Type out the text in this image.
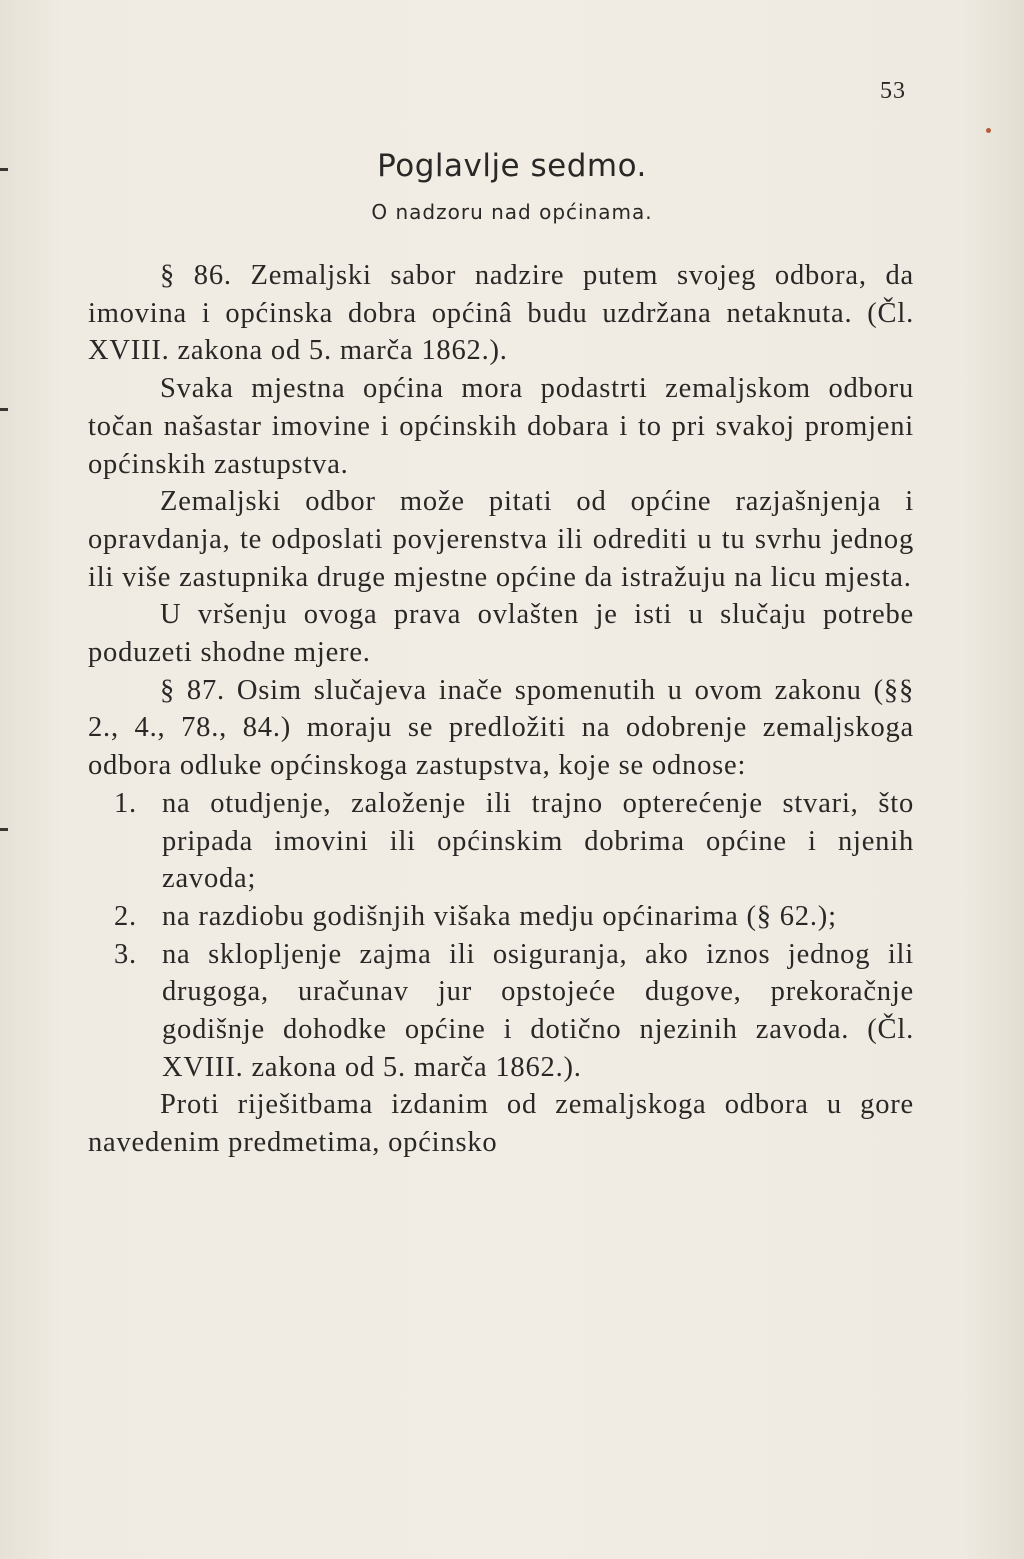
53
Poglavlje sedmo.
O nadzoru nad općinama.

§ 86. Zemaljski sabor nadzire putem svojeg odbora, da imovina i općinska dobra općinâ budu uzdržana netaknuta. (Čl. XVIII. zakona od 5. marča 1862.).

Svaka mjestna općina mora podastrti zemaljskom odboru točan našastar imovine i općinskih dobara i to pri svakoj promjeni općinskih zastupstva.

Zemaljski odbor može pitati od općine razjašnjenja i opravdanja, te odposlati povjerenstva ili odrediti u tu svrhu jednog ili više zastupnika druge mjestne općine da istražuju na licu mjesta.

U vršenju ovoga prava ovlašten je isti u slučaju potrebe poduzeti shodne mjere.

§ 87. Osim slučajeva inače spomenutih u ovom zakonu (§§ 2., 4., 78., 84.) moraju se predložiti na odobrenje zemaljskoga odbora odluke općinskoga zastupstva, koje se odnose:

1. na otudjenje, založenje ili trajno opterećenje stvari, što pripada imovini ili općinskim dobrima općine i njenih zavoda;
2. na razdiobu godišnjih višaka medju općinarima (§ 62.);
3. na sklopljenje zajma ili osiguranja, ako iznos jednog ili drugoga, uračunav jur opstojeće dugove, prekoračnje godišnje dohodke općine i dotično njezinih zavoda. (Čl. XVIII. zakona od 5. marča 1862.).

Proti riješitbama izdanim od zemaljskoga odbora u gore navedenim predmetima, općinsko
